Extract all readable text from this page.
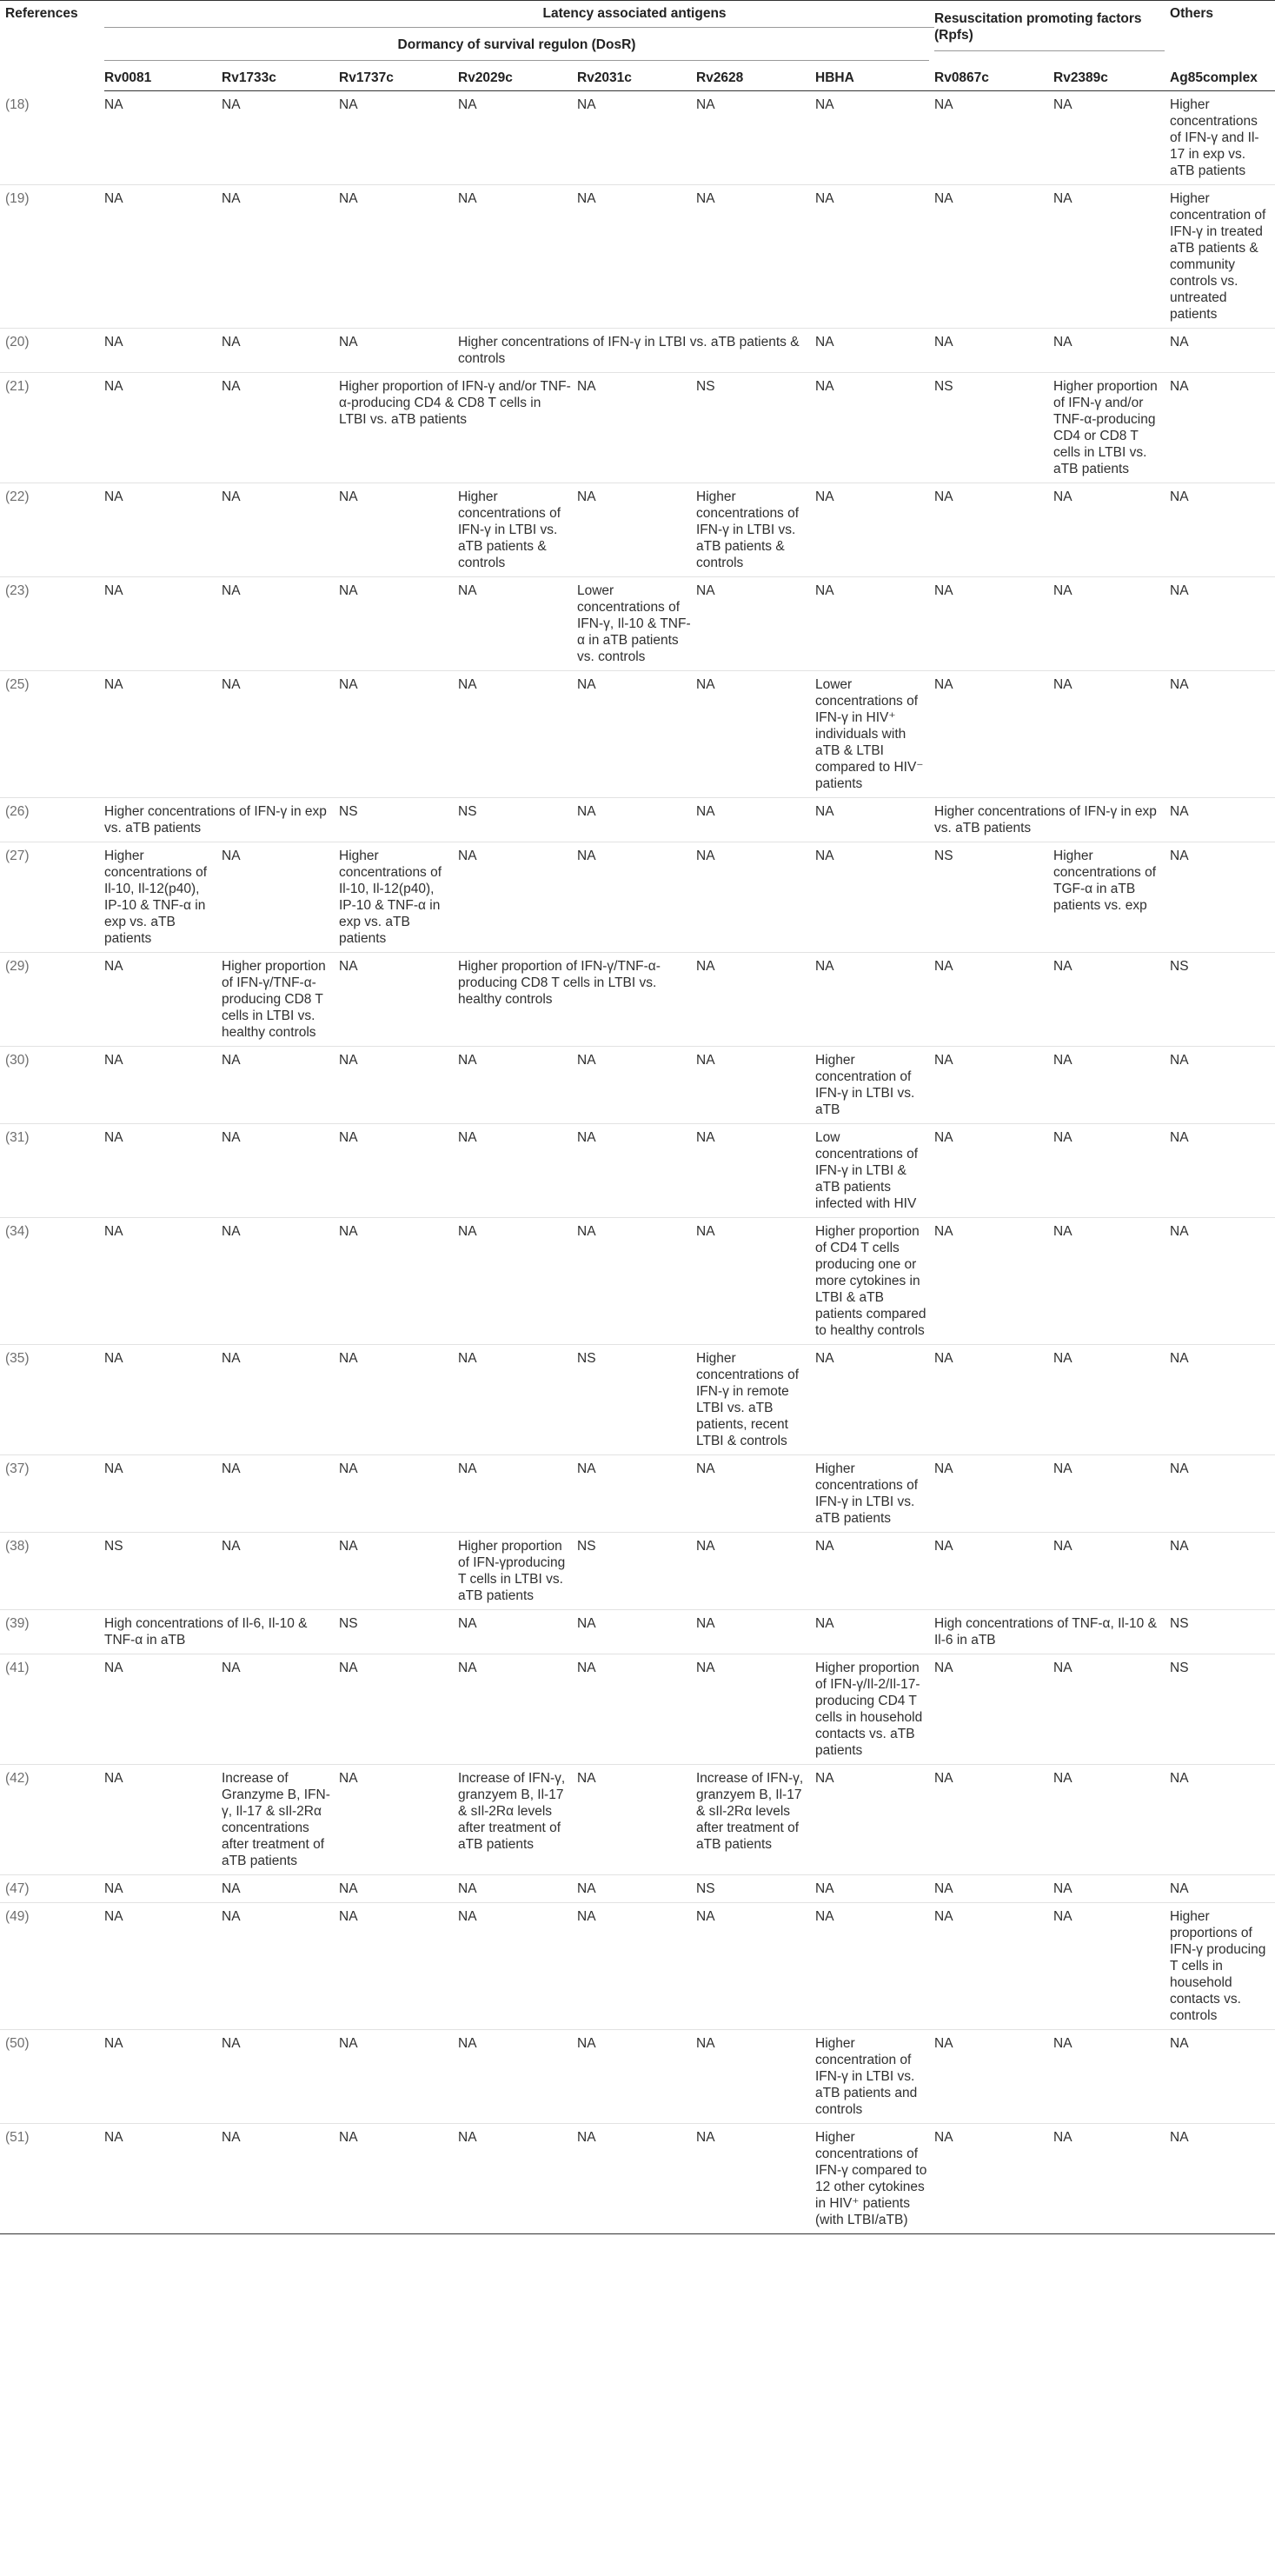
References	Latency associated antigens									Others
	Dormancy of survival regulon (DosR)							Resuscitation promoting factors (Rpfs)		

	Rv0081	Rv1733c	Rv1737c	Rv2029c	Rv2031c	Rv2628	HBHA	Rv0867c	Rv2389c	Ag85complex
(18)	NA	NA	NA	NA	NA	NA	NA	NA	NA	Higher concentrations of IFN-γ and Il-17 in exp vs. aTB patients
(19)	NA	NA	NA	NA	NA	NA	NA	NA	NA	Higher concentration of IFN-γ in treated aTB patients & community controls vs. untreated patients
(20)	NA	NA	NA	Higher concentrations of IFN-γ in LTBI vs. aTB patients & controls			NA	NA	NA	NA
(21)	NA	NA	Higher proportion of IFN-γ and/or TNF-α-producing CD4 & CD8 T cells in LTBI vs. aTB patients		NA	NS	NA	NS	Higher proportion of IFN-γ and/or TNF-α-producing CD4 or CD8 T cells in LTBI vs. aTB patients	NA
(22)	NA	NA	NA	Higher concentrations of IFN-γ in LTBI vs. aTB patients & controls	NA	Higher concentrations of IFN-γ in LTBI vs. aTB patients & controls	NA	NA	NA	NA
(23)	NA	NA	NA	NA	Lower concentrations of IFN-γ, Il-10 & TNF-α in aTB patients vs. controls	NA	NA	NA	NA	NA
(25)	NA	NA	NA	NA	NA	NA	Lower concentrations of IFN-γ in HIV⁺ individuals with aTB & LTBI compared to HIV⁻ patients	NA	NA	NA
(26)	Higher concentrations of IFN-γ in exp vs. aTB patients		NS	NS	NA	NA	NA	Higher concentrations of IFN-γ in exp vs. aTB patients		NA
(27)	Higher concentrations of Il-10, Il-12(p40), IP-10 & TNF-α in exp vs. aTB patients	NA	Higher concentrations of Il-10, Il-12(p40), IP-10 & TNF-α in exp vs. aTB patients	NA	NA	NA	NA	NS	Higher concentrations of TGF-α in aTB patients vs. exp	NA
(29)	NA	Higher proportion of IFN-γ/TNF-α-producing CD8 T cells in LTBI vs. healthy controls	NA	Higher proportion of IFN-γ/TNF-α-producing CD8 T cells in LTBI vs. healthy controls		NA	NA	NA	NA	NS
(30)	NA	NA	NA	NA	NA	NA	Higher concentration of IFN-γ in LTBI vs. aTB	NA	NA	NA
(31)	NA	NA	NA	NA	NA	NA	Low concentrations of IFN-γ in LTBI & aTB patients infected with HIV	NA	NA	NA
(34)	NA	NA	NA	NA	NA	NA	Higher proportion of CD4 T cells producing one or more cytokines in LTBI & aTB patients compared to healthy controls	NA	NA	NA
(35)	NA	NA	NA	NA	NS	Higher concentrations of IFN-γ in remote LTBI vs. aTB patients, recent LTBI & controls	NA	NA	NA	NA
(37)	NA	NA	NA	NA	NA	NA	Higher concentrations of IFN-γ in LTBI vs. aTB patients	NA	NA	NA
(38)	NS	NA	NA	Higher proportion of IFN-γproducing T cells in LTBI vs. aTB patients	NS	NA	NA	NA	NA	NA
(39)	High concentrations of Il-6, Il-10 & TNF-α in aTB		NS	NA	NA	NA	NA	High concentrations of TNF-α, Il-10 & Il-6 in aTB		NS
(41)	NA	NA	NA	NA	NA	NA	Higher proportion of IFN-γ/Il-2/Il-17-producing CD4 T cells in household contacts vs. aTB patients	NA	NA	NS
(42)	NA	Increase of Granzyme B, IFN-γ, Il-17 & sIl-2Rα concentrations after treatment of aTB patients	NA	Increase of IFN-γ, granzyem B, Il-17 & sIl-2Rα levels after treatment of aTB patients	NA	Increase of IFN-γ, granzyem B, Il-17 & sIl-2Rα levels after treatment of aTB patients	NA	NA	NA	NA
(47)	NA	NA	NA	NA	NA	NS	NA	NA	NA	NA
(49)	NA	NA	NA	NA	NA	NA	NA	NA	NA	Higher proportions of IFN-γ producing T cells in household contacts vs. controls
(50)	NA	NA	NA	NA	NA	NA	Higher concentration of IFN-γ in LTBI vs. aTB patients and controls	NA	NA	NA
(51)	NA	NA	NA	NA	NA	NA	Higher concentrations of IFN-γ compared to 12 other cytokines in HIV⁺ patients (with LTBI/aTB)	NA	NA	NA
